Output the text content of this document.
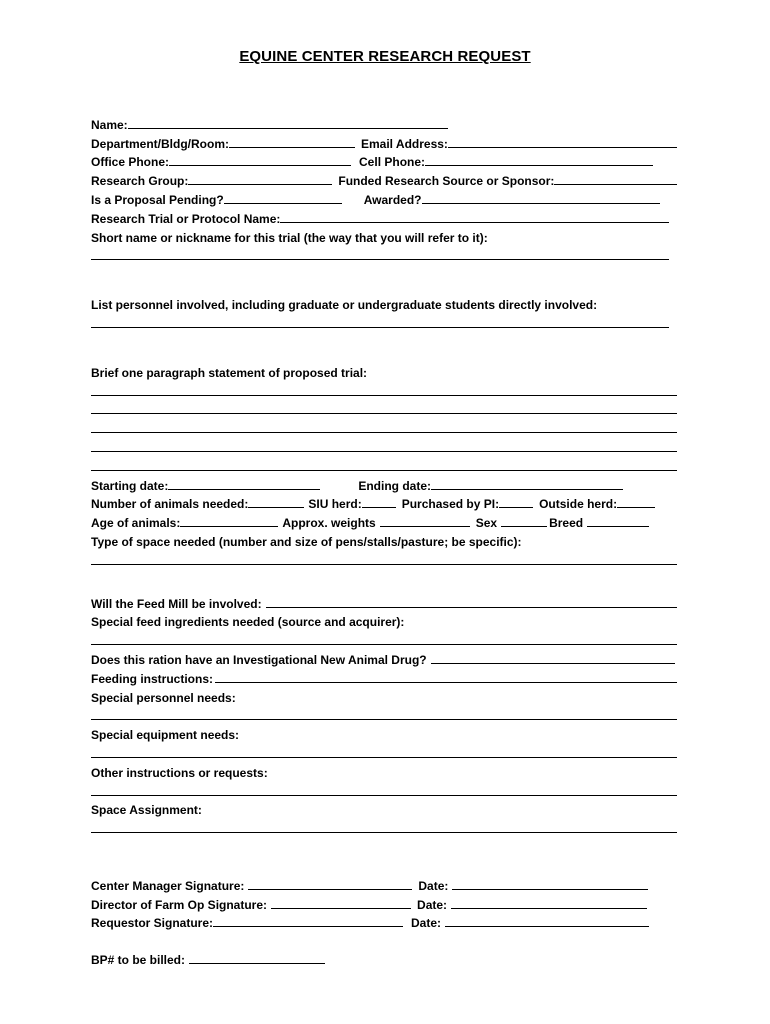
EQUINE CENTER RESEARCH REQUEST
Name:
Department/Bldg/Room:	Email Address:
Office Phone:	Cell Phone:
Research Group:	Funded Research Source or Sponsor:
Is a Proposal Pending?	Awarded?
Research Trial or Protocol Name:
Short name or nickname for this trial (the way that you will refer to it):
List personnel involved, including graduate or undergraduate students directly involved:
Brief one paragraph statement of proposed trial:
Starting date:	Ending date:
Number of animals needed:	SIU herd:	Purchased by PI:	Outside herd:
Age of animals:	Approx. weights	Sex	Breed
Type of space needed (number and size of pens/stalls/pasture; be specific):
Will the Feed Mill be involved:
Special feed ingredients needed (source and acquirer):
Does this ration have an Investigational New Animal Drug?
Feeding instructions:
Special personnel needs:
Special equipment needs:
Other instructions or requests:
Space Assignment:
Center Manager Signature:	Date:
Director of Farm Op Signature:	Date:
Requestor Signature:	Date:
BP# to be billed:
